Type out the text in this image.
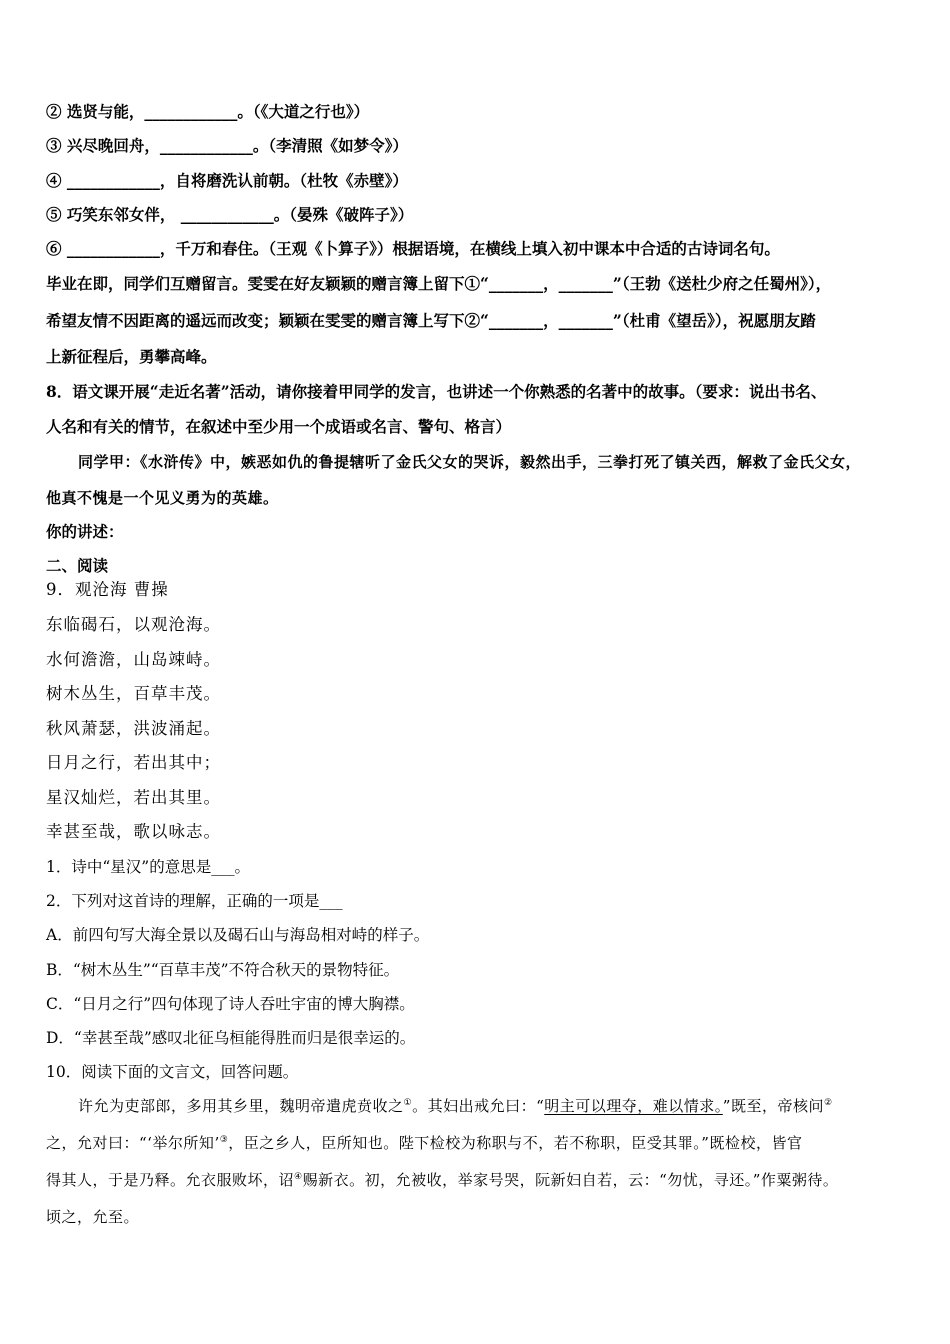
② 选贤与能，____________。（《大道之行也》）
③ 兴尽晚回舟，____________。（李清照《如梦令》）
④ ____________，自将磨洗认前朝。（杜牧《赤壁》）
⑤ 巧笑东邻女伴， ____________。（晏殊《破阵子》）
⑥ ____________，千万和春住。（王观《卜算子》）根据语境，在横线上填入初中课本中合适的古诗词名句。
毕业在即，同学们互赠留言。雯雯在好友颖颖的赠言簿上留下①“_______，_______”（王勃《送杜少府之任蜀州》），
希望友情不因距离的遥远而改变；颖颖在雯雯的赠言簿上写下②“_______，_______”（杜甫《望岳》），祝愿朋友踏
上新征程后，勇攀高峰。
8．语文课开展“走近名著”活动，请你接着甲同学的发言，也讲述一个你熟悉的名著中的故事。（要求：说出书名、
人名和有关的情节，在叙述中至少用一个成语或名言、警句、格言）
同学甲：《水浒传》中，嫉恶如仇的鲁提辖听了金氏父女的哭诉，毅然出手，三拳打死了镇关西，解救了金氏父女，
他真不愧是一个见义勇为的英雄。
你的讲述：
二、阅读
9．观沧海 曹操
东临碣石，以观沧海。
水何澹澹，山岛竦峙。
树木丛生，百草丰茂。
秋风萧瑟，洪波涌起。
日月之行，若出其中；
星汉灿烂，若出其里。
幸甚至哉，歌以咏志。
1．诗中“星汉”的意思是___。
2．下列对这首诗的理解，正确的一项是___
A．前四句写大海全景以及碣石山与海岛相对峙的样子。
B．“树木丛生”“百草丰茂”不符合秋天的景物特征。
C．“日月之行”四句体现了诗人吞吐宇宙的博大胸襟。
D．“幸甚至哉”感叹北征乌桓能得胜而归是很幸运的。
10．阅读下面的文言文，回答问题。
许允为吏部郎，多用其乡里，魏明帝遣虎贲收之①。其妇出戒允曰：“明主可以理夺，难以情求。”既至，帝核问②
之，允对曰：“‘举尔所知’③，臣之乡人，臣所知也。陛下检校为称职与不，若不称职，臣受其罪。”既检校，皆官
得其人，于是乃释。允衣服败坏，诏④赐新衣。初，允被收，举家号哭，阮新妇自若，云：“勿忧，寻还。”作粟粥待。
顷之，允至。
